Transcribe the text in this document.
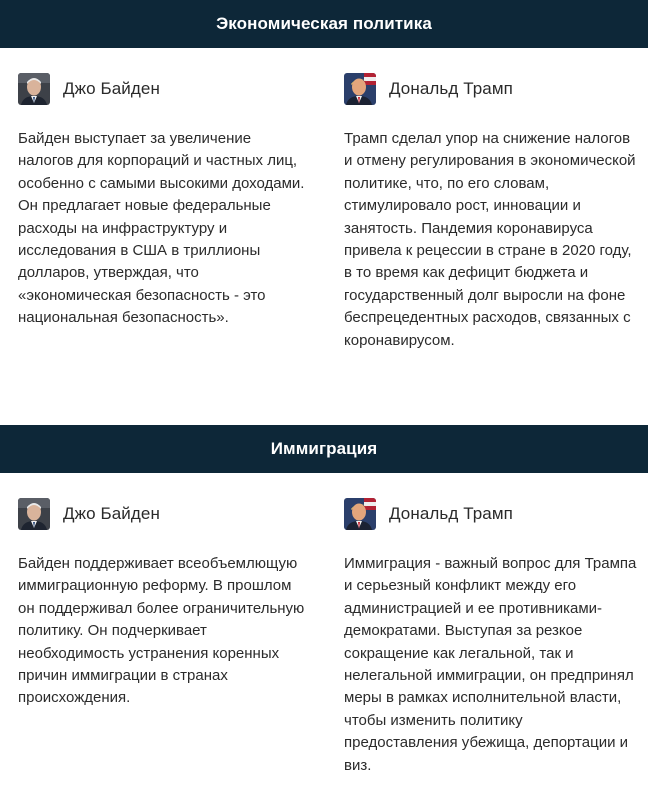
Экономическая политика
Джо Байден

Байден выступает за увеличение налогов для корпораций и частных лиц, особенно с самыми высокими доходами. Он предлагает новые федеральные расходы на инфраструктуру и исследования в США в триллионы долларов, утверждая, что «экономическая безопасность - это национальная безопасность».

Дональд Трамп

Трамп сделал упор на снижение налогов и отмену регулирования в экономической политике, что, по его словам, стимулировало рост, инновации и занятость. Пандемия коронавируса привела к рецессии в стране в 2020 году, в то время как дефицит бюджета и государственный долг выросли на фоне беспрецедентных расходов, связанных с коронавирусом.

Иммиграция
Джо Байден

Байден поддерживает всеобъемлющую иммиграционную реформу. В прошлом он поддерживал более ограничительную политику. Он подчеркивает необходимость устранения коренных причин иммиграции в странах происхождения.

Дональд Трамп

Иммиграция - важный вопрос для Трампа и серьезный конфликт между его администрацией и ее противниками-демократами. Выступая за резкое сокращение как легальной, так и нелегальной иммиграции, он предпринял меры в рамках исполнительной власти, чтобы изменить политику предоставления убежища, депортации и виз.
